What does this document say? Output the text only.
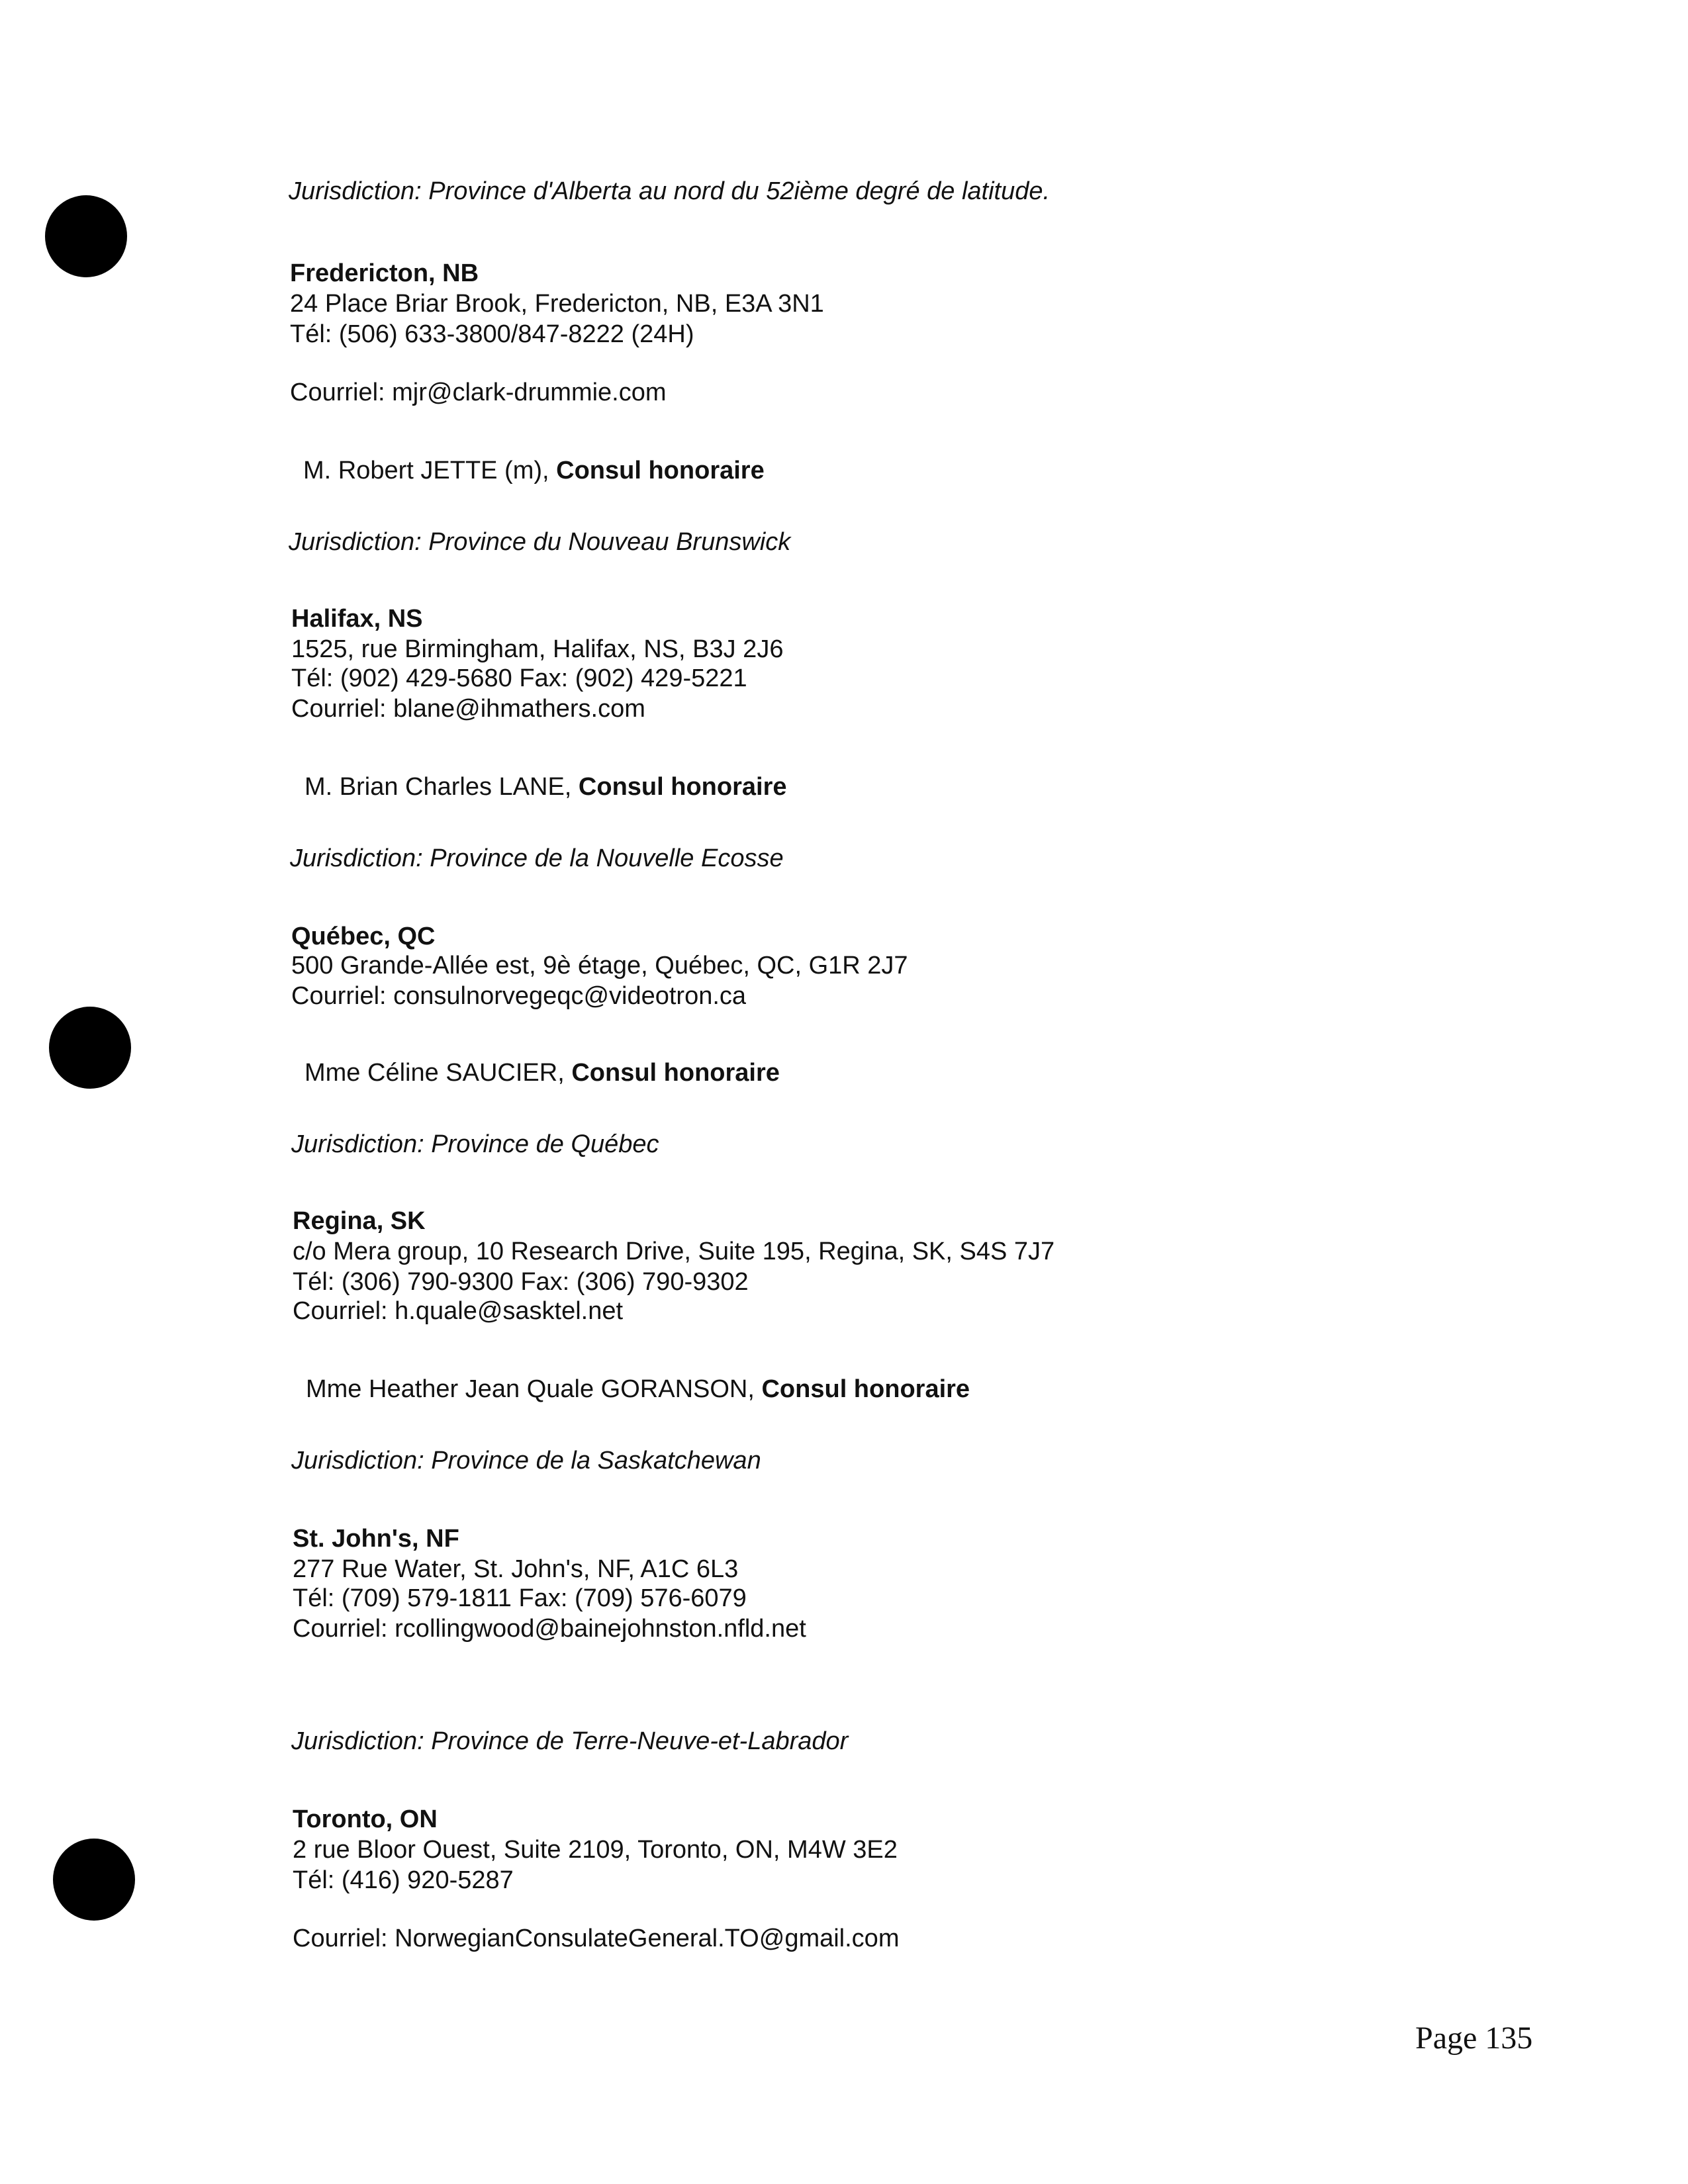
Jurisdiction: Province d'Alberta au nord du 52ième degré de latitude.
Fredericton, NB
24 Place Briar Brook, Fredericton, NB, E3A 3N1
Tél: (506) 633-3800/847-8222 (24H)
Courriel: mjr@clark-drummie.com
M. Robert JETTE (m), Consul honoraire
Jurisdiction: Province du Nouveau Brunswick
Halifax, NS
1525, rue Birmingham, Halifax, NS, B3J 2J6
Tél: (902) 429-5680 Fax: (902) 429-5221
Courriel: blane@ihmathers.com
M. Brian Charles LANE, Consul honoraire
Jurisdiction: Province de la Nouvelle Ecosse
Québec, QC
500 Grande-Allée est, 9è étage, Québec, QC, G1R 2J7
Courriel: consulnorvegeqc@videotron.ca
Mme Céline SAUCIER, Consul honoraire
Jurisdiction: Province de Québec
Regina, SK
c/o Mera group, 10 Research Drive, Suite 195, Regina, SK, S4S 7J7
Tél: (306) 790-9300 Fax: (306) 790-9302
Courriel: h.quale@sasktel.net
Mme Heather Jean Quale GORANSON, Consul honoraire
Jurisdiction: Province de la Saskatchewan
St. John's, NF
277 Rue Water, St. John's, NF, A1C 6L3
Tél: (709) 579-1811 Fax: (709) 576-6079
Courriel: rcollingwood@bainejohnston.nfld.net
Jurisdiction: Province de Terre-Neuve-et-Labrador
Toronto, ON
2 rue Bloor Ouest, Suite 2109, Toronto, ON, M4W 3E2
Tél: (416) 920-5287
Courriel: NorwegianConsulateGeneral.TO@gmail.com
Page 135
